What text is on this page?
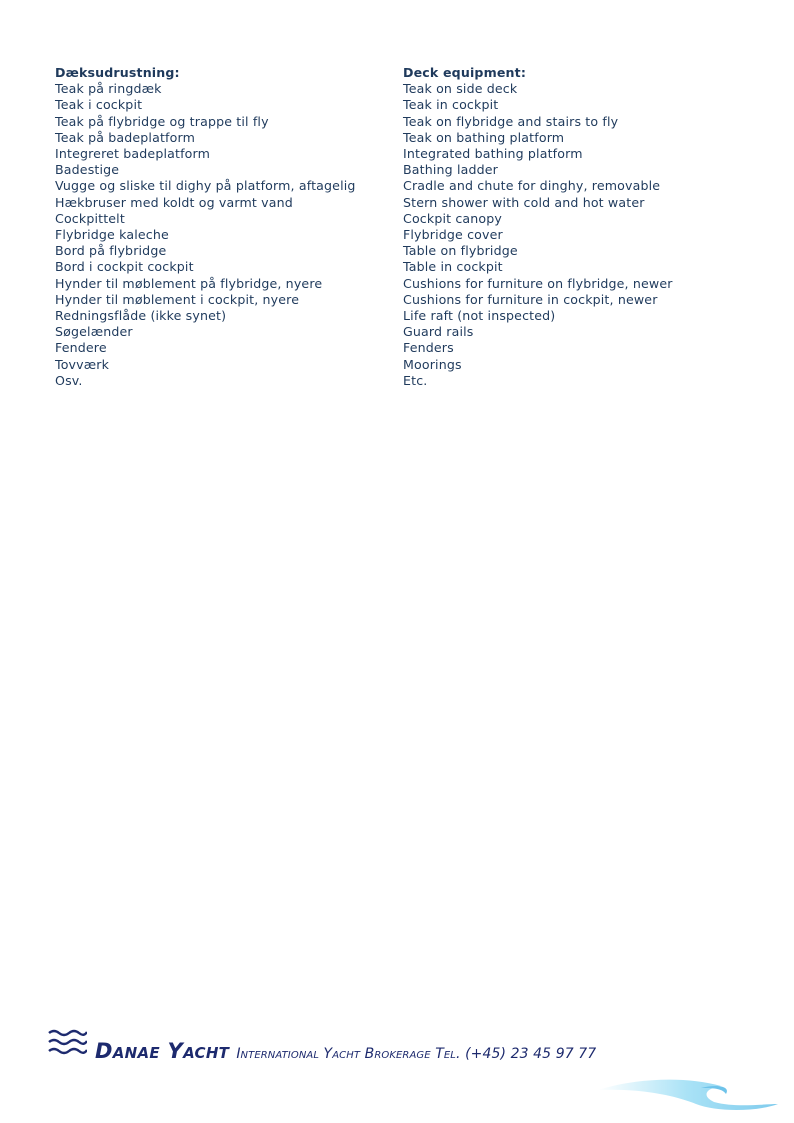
Dæksudrustning:
Teak på ringdæk
Teak i cockpit
Teak på flybridge og trappe til fly
Teak på badeplatform
Integreret badeplatform
Badestige
Vugge og sliske til dighy på platform, aftagelig
Hækbruser med koldt og varmt vand
Cockpittelt
Flybridge kaleche
Bord på flybridge
Bord i cockpit cockpit
Hynder til møblement på flybridge, nyere
Hynder til møblement i cockpit, nyere
Redningsflåde (ikke synet)
Søgelænder
Fendere
Tovværk
Osv.
Deck equipment:
Teak on side deck
Teak in cockpit
Teak on flybridge and stairs to fly
Teak on bathing platform
Integrated bathing platform
Bathing ladder
Cradle and chute for dinghy, removable
Stern shower with cold and hot water
Cockpit canopy
Flybridge cover
Table on flybridge
Table in cockpit
Cushions for furniture on flybridge, newer
Cushions for furniture in cockpit, newer
Life raft (not inspected)
Guard rails
Fenders
Moorings
Etc.
Danae Yacht International Yacht Brokerage Tel. (+45) 23 45 97 77
